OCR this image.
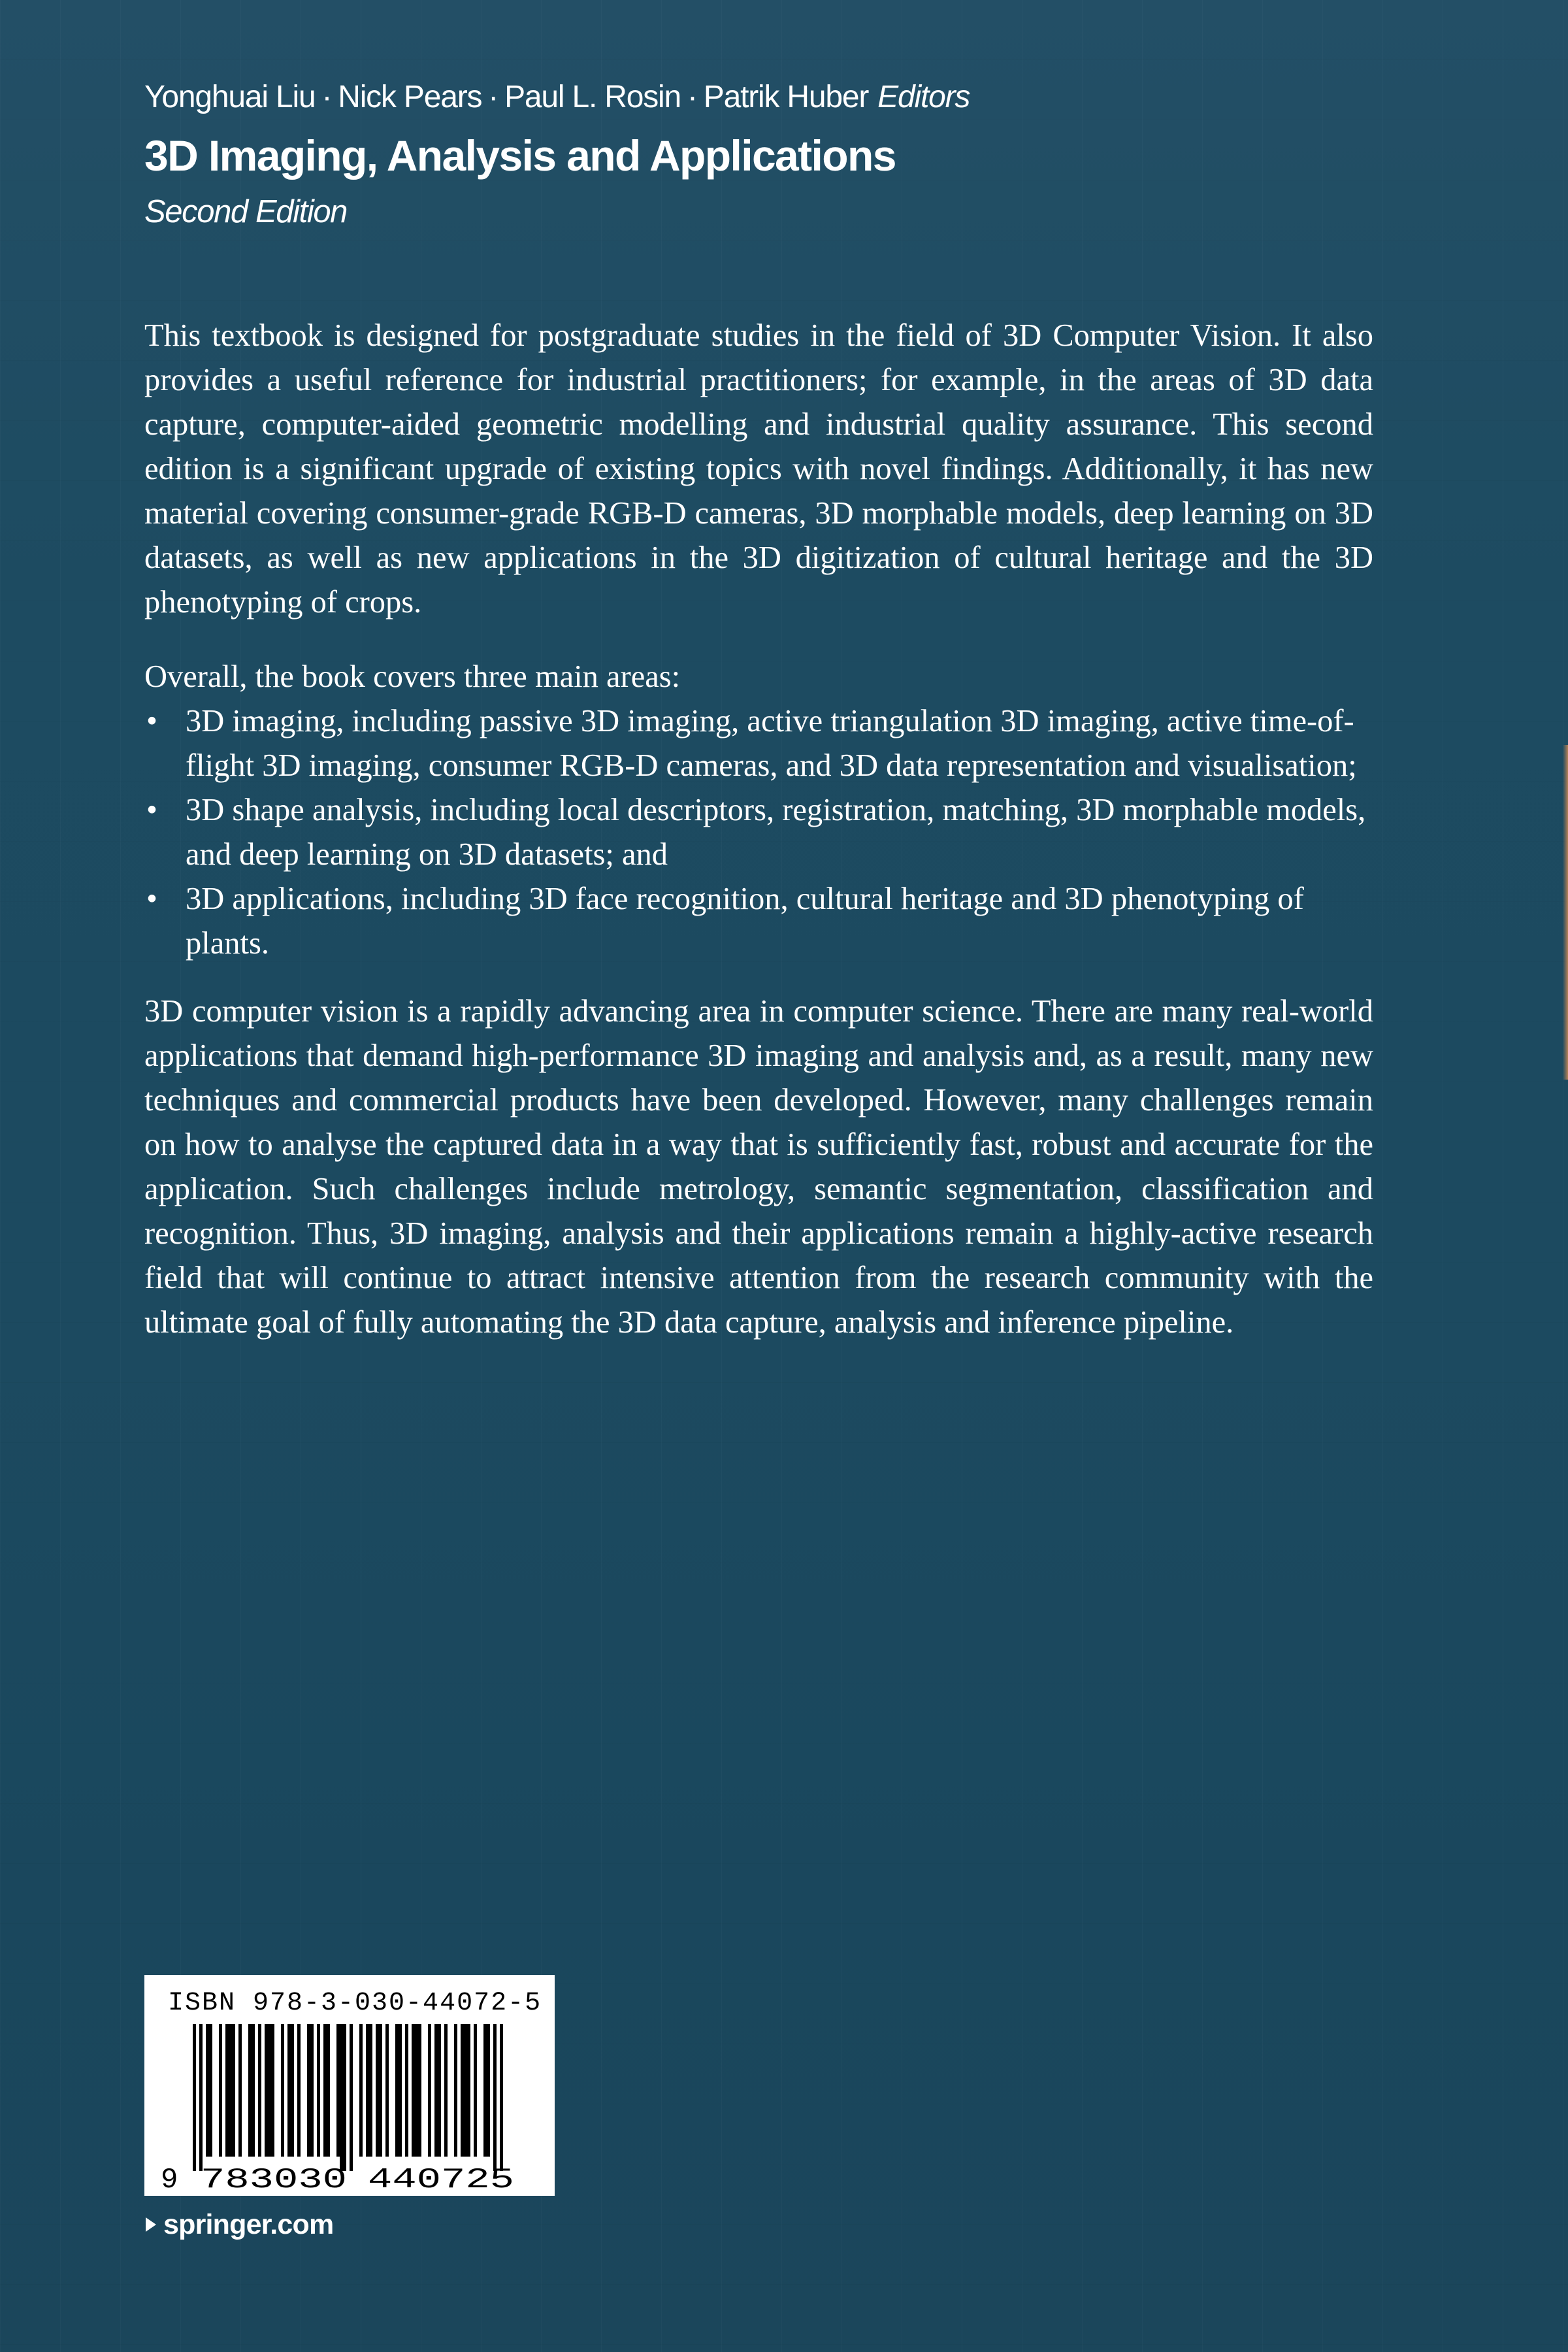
Yonghuai Liu · Nick Pears · Paul L. Rosin · Patrik Huber Editors
3D Imaging, Analysis and Applications
Second Edition

This textbook is designed for postgraduate studies in the field of 3D Computer Vision. It also provides a useful reference for industrial practitioners; for example, in the areas of 3D data capture, computer-aided geometric modelling and industrial quality assurance. This second edition is a significant upgrade of existing topics with novel findings. Additionally, it has new material covering consumer-grade RGB-D cameras, 3D morphable models, deep learning on 3D datasets, as well as new applications in the 3D digitization of cultural heritage and the 3D phenotyping of crops.

Overall, the book covers three main areas:

• 3D imaging, including passive 3D imaging, active triangulation 3D imaging, active time-of-flight 3D imaging, consumer RGB-D cameras, and 3D data representation and visualisation;
• 3D shape analysis, including local descriptors, registration, matching, 3D morphable models, and deep learning on 3D datasets; and
• 3D applications, including 3D face recognition, cultural heritage and 3D phenotyping of plants.

3D computer vision is a rapidly advancing area in computer science. There are many real-world applications that demand high-performance 3D imaging and analysis and, as a result, many new techniques and commercial products have been developed. However, many challenges remain on how to analyse the captured data in a way that is sufficiently fast, robust and accurate for the application. Such challenges include metrology, semantic segmentation, classification and recognition. Thus, 3D imaging, analysis and their applications remain a highly-active research field that will continue to attract intensive attention from the research community with the ultimate goal of fully automating the 3D data capture, analysis and inference pipeline.

ISBN 978-3-030-44072-5
9 783030 440725
springer.com
